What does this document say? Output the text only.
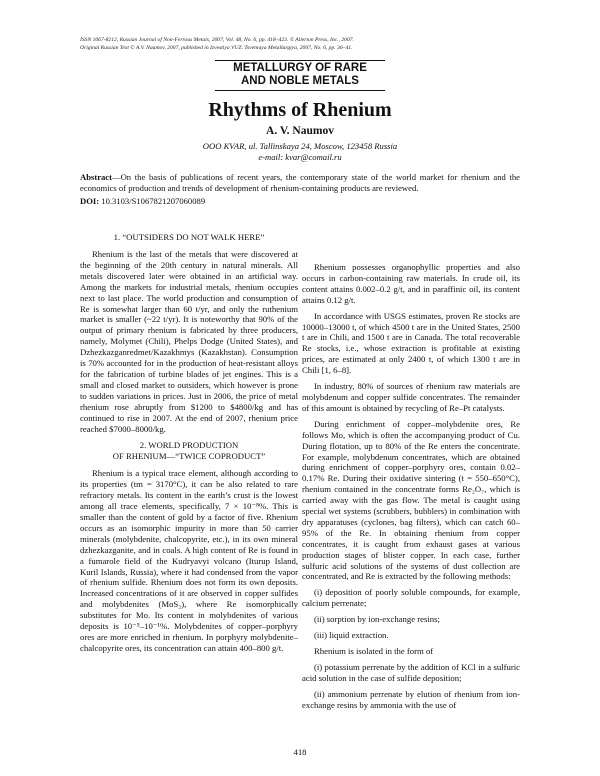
ISSN 1067-8212, Russian Journal of Non-Ferrous Metals, 2007, Vol. 48, No. 6, pp. 418–423. © Allerton Press, Inc., 2007.
Original Russian Text © A.V. Naumov, 2007, published in Izvestiya VUZ. Tsvetnaya Metallurgiya, 2007, No. 6, pp. 36–41.
METALLURGY OF RARE
AND NOBLE METALS
Rhythms of Rhenium
A. V. Naumov
OOO KVAR, ul. Tallinskaya 24, Moscow, 123458 Russia
e-mail: kvar@comail.ru
Abstract—On the basis of publications of recent years, the contemporary state of the world market for rhenium and the economics of production and trends of development of rhenium-containing products are reviewed.
DOI: 10.3103/S1067821207060089
1. “OUTSIDERS DO NOT WALK HERE”

Rhenium is the last of the metals that were discovered at the beginning of the 20th century in natural minerals. All metals discovered later were obtained in an artificial way. Among the markets for industrial metals, rhenium occupies next to last place. The world production and consumption of Re is somewhat larger than 60 t/yr, and only the ruthenium market is smaller (~22 t/yr). It is noteworthy that 90% of the output of primary rhenium is fabricated by three producers, namely, Molymet (Chili), Phelps Dodge (United States), and Dzhezkazganredmet/Kazakhmys (Kazakhstan). Consumption is 70% accounted for in the production of heat-resistant alloys for the fabrication of turbine blades of jet engines. This is a small and closed market to outsiders, which however is prone to sudden variations in prices. Just in 2006, the price of metal rhenium rose abruptly from $1200 to $4800/kg and has continued to rise in 2007. At the end of 2007, rhenium price reached $7000–8000/kg.

2. WORLD PRODUCTION
OF RHENIUM—“TWICE COPRODUCT”

Rhenium is a typical trace element, although according to its properties (tm = 3170°C), it can be also related to rare refractory metals. Its content in the earth’s crust is the lowest among all trace elements, specifically, 7 × 10⁻⁸%. This is smaller than the content of gold by a factor of five. Rhenium occurs as an isomorphic impurity in more than 50 carrier minerals (molybdenite, chalcopyrite, etc.), in its own mineral dzhezkazganite, and in coals. A high content of Re is found in a fumarole field of the Kudryavyi volcano (Iturup Island, Kuril Islands, Russia), where it had condensed from the vapor of rhenium sulfide. Rhenium does not form its own deposits. Increased concentrations of it are observed in copper sulfides and molybdenites (MoS₂), where Re isomorphically substitutes for Mo. Its content in molybdenites of various deposits is 10⁻⁵–10⁻¹%. Molybdenites of copper–porphyry ores are more enriched in rhenium. In porphyry molybdenite–chalcopyrite ores, its concentration can attain 400–800 g/t.

Rhenium possesses organophyllic properties and also occurs in carbon-containing raw materials. In crude oil, its content attains 0.002–0.2 g/t, and in paraffinic oil, its content attains 0.12 g/t.

In accordance with USGS estimates, proven Re stocks are 10000–13000 t, of which 4500 t are in the United States, 2500 t are in Chili, and 1500 t are in Canada. The total recoverable Re stocks, i.e., whose extraction is profitable at existing prices, are estimated at only 2400 t, of which 1300 t are in Chili [1, 6–8].

In industry, 80% of sources of rhenium raw materials are molybdenum and copper sulfide concentrates. The remainder of this amount is obtained by recycling of Re–Pt catalysts.

During enrichment of copper–molybdenite ores, Re follows Mo, which is often the accompanying product of Cu. During flotation, up to 80% of the Re enters the concentrate. For example, molybdenum concentrates, which are obtained during enrichment of copper–porphyry ores, contain 0.02–0.17% Re. During their oxidative sintering (t = 550–650°C), rhenium contained in the concentrate forms Re₂O₇, which is carried away with the gas flow. The metal is caught using special wet systems (scrubbers, bubblers) in combination with dry apparatuses (cyclones, bag filters), which can catch 60–95% of the Re. In obtaining rhenium from copper concentrates, it is caught from exhaust gases at various production stages of blister copper. In each case, further sulfuric acid solutions of the systems of dust collection are concentrated, and Re is extracted by the following methods:

(i) deposition of poorly soluble compounds, for example, calcium perrenate;

(ii) sorption by ion-exchange resins;

(iii) liquid extraction.

Rhenium is isolated in the form of

(i) potassium perrenate by the addition of KCl in a sulfuric acid solution in the case of sulfide deposition;

(ii) ammonium perrenate by elution of rhenium from ion-exchange resins by ammonia with the use of

418
